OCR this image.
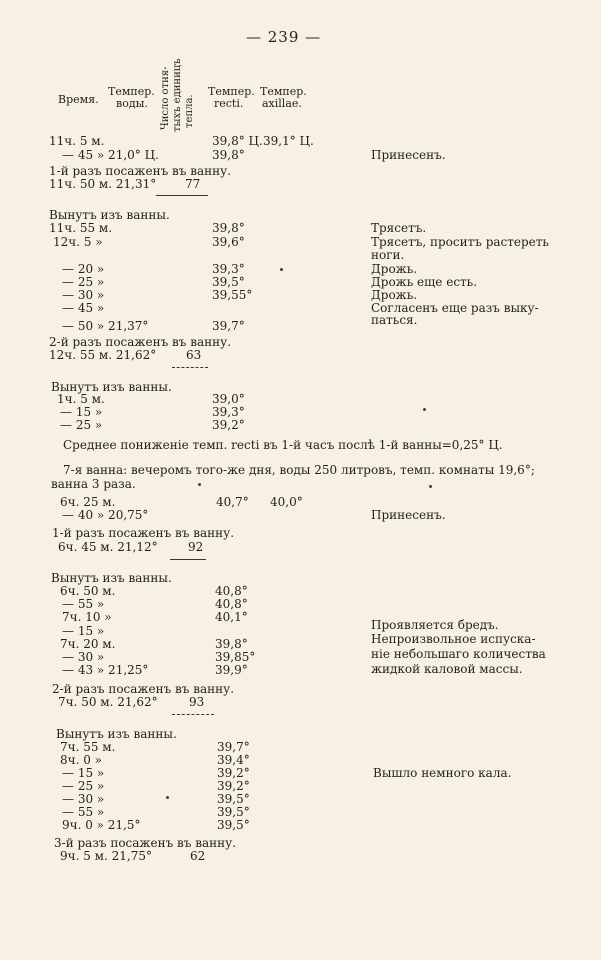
— 239 —
Время.
Темпер.
воды. Число отня- тыхъ единицъ тепла.
Темпер.
recti.
Темпер.
axillae.
11ч. 5 м.	39,8° Ц. 39,1° Ц.
— 45 » 21,0° Ц.	39,8°	Принесенъ.
1-й разъ посаженъ въ ванну.
11ч. 50 м. 21,31° 77
Вынутъ изъ ванны.
11ч. 55 м.	39,8°	Трясетъ.
12ч. 5 »	39,6°	Трясетъ, проситъ растереть
ноги.
— 20 »	39,3°	Дрожь.
— 25 »	39,5°	Дрожь еще есть.
— 30 »	39,55°	Дрожь.
— 45 »	Согласенъ еще разъ выку-
паться.
— 50 » 21,37°	39,7°
2-й разъ посаженъ въ ванну.
12ч. 55 м. 21,62° 63
Вынутъ изъ ванны.
1ч. 5 м.	39,0°
— 15 »	39,3°
— 25 »	39,2°
Среднее пониженіе темп. recti въ 1-й часъ послѣ 1-й ванны=0,25° Ц.
7-я ванна: вечеромъ того-же дня, воды 250 литровъ, темп. комнаты 19,6°;
ванна 3 раза.
6ч. 25 м.	40,7° 40,0°
— 40 » 20,75°	Принесенъ.
1-й разъ посаженъ въ ванну.
6ч. 45 м. 21,12°	92
Вынутъ изъ ванны.
6ч. 50 м.	40,8°
— 55 »	40,8°
7ч. 10 »	40,1°
Проявляется бредъ.
— 15 »
Непроизвольное испуска-
7ч. 20 м.	39,8°
ніе небольшаго количества
— 30 »	39,85°
жидкой каловой массы.
— 43 » 21,25°	39,9°
2-й разъ посаженъ въ ванну.
7ч. 50 м. 21,62°	93
Вынутъ изъ ванны.
7ч. 55 м.	39,7°
8ч. 0 »	39,4°
— 15 »	39,2°	Вышло немного кала.
— 25 »	39,2°
— 30 »	39,5°
— 55 »	39,5°
9ч. 0 » 21,5°	39,5°
3-й разъ посаженъ въ ванну.
9ч. 5 м. 21,75°	62
